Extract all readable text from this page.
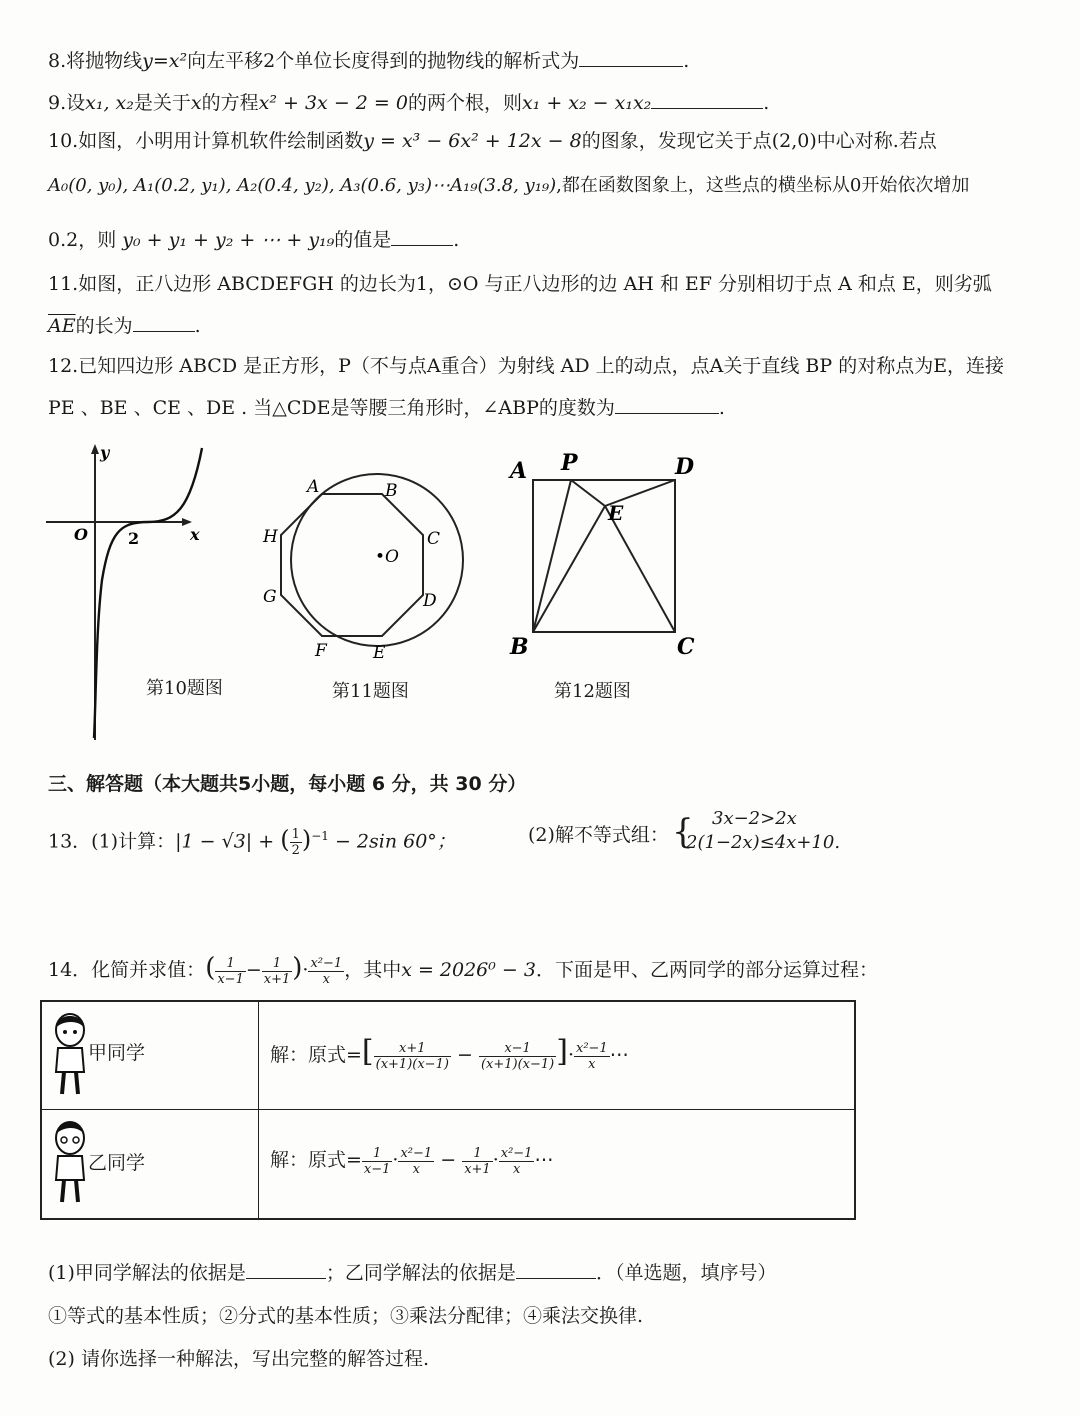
8.将抛物线y=x²向左平移2个单位长度得到的抛物线的解析式为	.
9.设x₁, x₂是关于x的方程x² + 3x − 2 = 0的两个根，则x₁ + x₂ − x₁x₂	.
10.如图，小明用计算机软件绘制函数y = x³ − 6x² + 12x − 8的图象，发现它关于点(2,0)中心对称.若点
A₀(0, y₀), A₁(0.2, y₁), A₂(0.4, y₂), A₃(0.6, y₃)⋯A₁₉(3.8, y₁₉),都在函数图象上，这些点的横坐标从0开始依次增加
0.2，则 y₀ + y₁ + y₂ + ⋯ + y₁₉的值是	.
11.如图，正八边形 ABCDEFGH 的边长为1，⊙O 与正八边形的边 AH 和 EF 分别相切于点 A 和点 E，则劣弧
$\overline{AE}$的长为	.
12.已知四边形 ABCD 是正方形，P（不与点A重合）为射线 AD 上的动点，点A关于直线 BP 的对称点为E，连接
PE 、BE 、CE 、DE . 当△CDE是等腰三角形时，∠ABP的度数为	.
y
x
O	2
第10题图
A	B
C
D
E
F
G
H
•O
第11题图
A P	D
E
B	C
第12题图
三、解答题（本大题共5小题，每小题 6 分，共 30 分）
13．(1)计算：|1 − √3| + ( $\frac{1}{2} )^{-1} - 2\sin$ 60°；	(2)解不等式组： { 3x−2>2x
2(1−2x)≤4x+10.
14．化简并求值：( $\frac{1}{x-1} - \frac{1}{x+1}$ )· $\frac{\text{x²−1}}{x}$ ，其中x = 2026⁰ − 3．下面是甲、乙两同学的部分运算过程：
甲同学	解：原式=[ $\frac{x+1}{(x+1)(x-1)} - \frac{x-1}{(x+1)(x-1)}$ ]· $\frac{\text{x²−1}}{x}$ ⋯
乙同学	解：原式= $\frac{1}{x-1} \cdot \frac{\text{x²−1}}{x} - \frac{1}{x+1} \cdot \frac{\text{x²−1}}{x}$ ⋯
(1)甲同学解法的依据是	；乙同学解法的依据是	．（单选题，填序号）
①等式的基本性质；②分式的基本性质；③乘法分配律；④乘法交换律.
(2) 请你选择一种解法，写出完整的解答过程.
